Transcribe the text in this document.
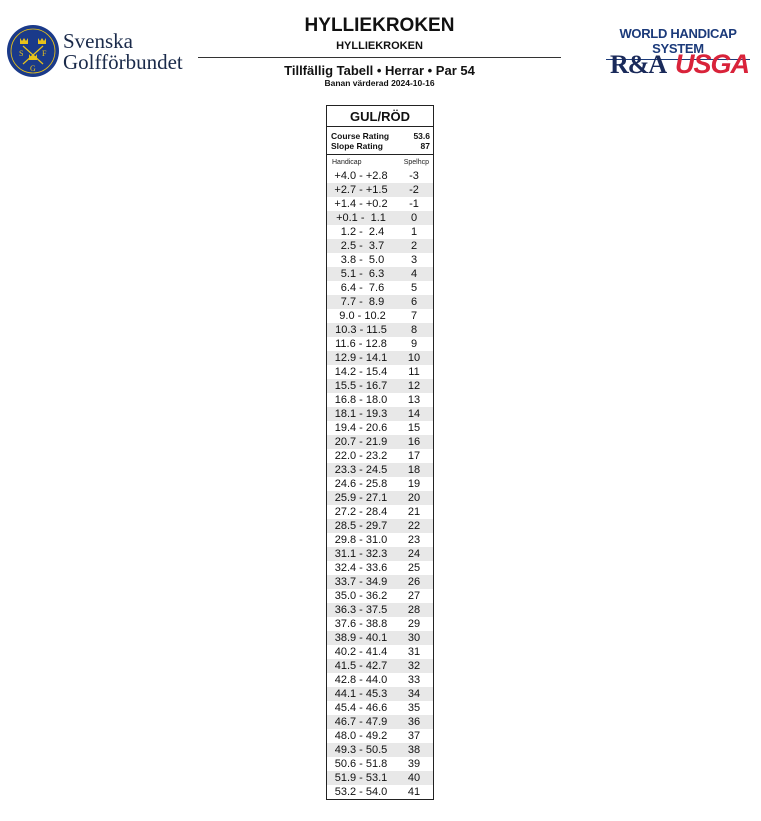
S
G
F
Svenska
Golfförbundet
HYLLIEKROKEN
HYLLIEKROKEN
Tillfällig Tabell • Herrar • Par 54
Banan värderad 2024-10-16
WORLD HANDICAP SYSTEM
R&A USGA
GUL/RÖD
Course Rating	53.6
Slope Rating	87
Handicap	Spelhcp
+4.0 - +2.8	-3
+2.7 - +1.5	-2
+1.4 - +0.2	-1
+0.1 -  1.1	0
1.2 -  2.4	1
2.5 -  3.7	2
3.8 -  5.0	3
5.1 -  6.3	4
6.4 -  7.6	5
7.7 -  8.9	6
9.0 - 10.2	7
10.3 - 11.5	8
11.6 - 12.8	9
12.9 - 14.1	10
14.2 - 15.4	11
15.5 - 16.7	12
16.8 - 18.0	13
18.1 - 19.3	14
19.4 - 20.6	15
20.7 - 21.9	16
22.0 - 23.2	17
23.3 - 24.5	18
24.6 - 25.8	19
25.9 - 27.1	20
27.2 - 28.4	21
28.5 - 29.7	22
29.8 - 31.0	23
31.1 - 32.3	24
32.4 - 33.6	25
33.7 - 34.9	26
35.0 - 36.2	27
36.3 - 37.5	28
37.6 - 38.8	29
38.9 - 40.1	30
40.2 - 41.4	31
41.5 - 42.7	32
42.8 - 44.0	33
44.1 - 45.3	34
45.4 - 46.6	35
46.7 - 47.9	36
48.0 - 49.2	37
49.3 - 50.5	38
50.6 - 51.8	39
51.9 - 53.1	40
53.2 - 54.0	41
